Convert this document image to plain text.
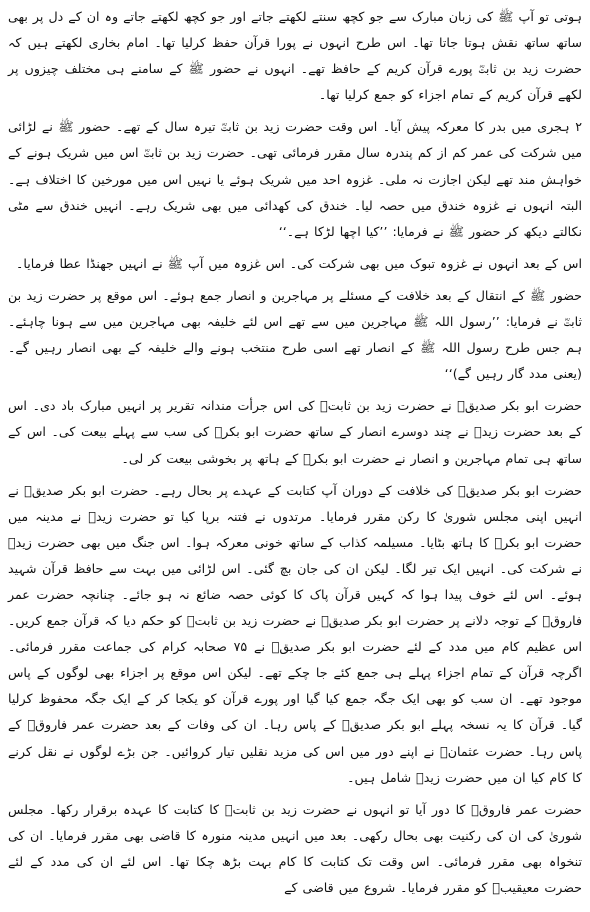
ہوتی تو آپ ﷺ کی زبان مبارک سے جو کچھ سنتے لکھتے جاتے اور جو کچھ لکھتے جاتے وہ ان کے دل پر بھی ساتھ ساتھ نقش ہوتا جاتا تھا۔ اس طرح انہوں نے پورا قرآن حفظ کرلیا تھا۔ امام بخاری لکھتے ہیں کہ حضرت زید بن ثابتؓ پورے قرآن کریم کے حافظ تھے۔ انہوں نے حضور ﷺ کے سامنے ہی مختلف چیزوں پر لکھے قرآن کریم کے تمام اجزاء کو جمع کرلیا تھا۔

۲ ہجری میں بدر کا معرکہ پیش آیا۔ اس وقت حضرت زید بن ثابتؓ تیرہ سال کے تھے۔ حضور ﷺ نے لڑائی میں شرکت کی عمر کم از کم پندرہ سال مقرر فرمائی تھی۔ حضرت زید بن ثابتؓ اس میں شریک ہونے کے خواہش مند تھے لیکن اجازت نہ ملی۔ غزوہ احد میں شریک ہوئے یا نہیں اس میں مورخین کا اختلاف ہے۔ البتہ انہوں نے غزوہ خندق میں حصہ لیا۔ خندق کی کھدائی میں بھی شریک رہے۔ انہیں خندق سے مٹی نکالتے دیکھ کر حضور ﷺ نے فرمایا: ’’کیا اچھا لڑکا ہے۔‘‘

اس کے بعد انہوں نے غزوہ تبوک میں بھی شرکت کی۔ اس غزوہ میں آپ ﷺ نے انہیں جھنڈا عطا فرمایا۔

حضور ﷺ کے انتقال کے بعد خلافت کے مسئلے پر مہاجرین و انصار جمع ہوئے۔ اس موقع پر حضرت زید بن ثابتؓ نے فرمایا: ’’رسول اللہ ﷺ مہاجرین میں سے تھے اس لئے خلیفہ بھی مہاجرین میں سے ہونا چاہئے۔ ہم جس طرح رسول اللہ ﷺ کے انصار تھے اسی طرح منتخب ہونے والے خلیفہ کے بھی انصار رہیں گے۔ (یعنی مدد گار رہیں گے)‘‘

حضرت ابو بکر صدیقؓ نے حضرت زید بن ثابتؓ کی اس جرأت مندانہ تقریر پر انہیں مبارک باد دی۔ اس کے بعد حضرت زیدؓ نے چند دوسرے انصار کے ساتھ حضرت ابو بکرؓ کی سب سے پہلے بیعت کی۔ اس کے ساتھ ہی تمام مہاجرین و انصار نے حضرت ابو بکرؓ کے ہاتھ پر بخوشی بیعت کر لی۔

حضرت ابو بکر صدیقؓ کی خلافت کے دوران آپ کتابت کے عہدے پر بحال رہے۔ حضرت ابو بکر صدیقؓ نے انہیں اپنی مجلس شوریٰ کا رکن مقرر فرمایا۔ مرتدوں نے فتنہ برپا کیا تو حضرت زیدؓ نے مدینہ میں حضرت ابو بکرؓ کا ہاتھ بٹایا۔ مسیلمہ کذاب کے ساتھ خونی معرکہ ہوا۔ اس جنگ میں بھی حضرت زیدؓ نے شرکت کی۔ انہیں ایک تیر لگا۔ لیکن ان کی جان بچ گئی۔ اس لڑائی میں بہت سے حافظ قرآن شہید ہوئے۔ اس لئے خوف پیدا ہوا کہ کہیں قرآن پاک کا کوئی حصہ ضائع نہ ہو جائے۔ چنانچہ حضرت عمر فاروقؓ کے توجہ دلانے پر حضرت ابو بکر صدیقؓ نے حضرت زید بن ثابتؓ کو حکم دیا کہ قرآن جمع کریں۔ اس عظیم کام میں مدد کے لئے حضرت ابو بکر صدیقؓ نے ۷۵ صحابہ کرام کی جماعت مقرر فرمائی۔ اگرچہ قرآن کے تمام اجزاء پہلے ہی جمع کئے جا چکے تھے۔ لیکن اس موقع پر اجزاء بھی لوگوں کے پاس موجود تھے۔ ان سب کو بھی ایک جگہ جمع کیا گیا اور پورے قرآن کو یکجا کر کے ایک جگہ محفوظ کرلیا گیا۔ قرآن کا یہ نسخہ پہلے ابو بکر صدیقؓ کے پاس رہا۔ ان کی وفات کے بعد حضرت عمر فاروقؓ کے پاس رہا۔ حضرت عثمانؓ نے اپنے دور میں اس کی مزید نقلیں تیار کروائیں۔ جن بڑے لوگوں نے نقل کرنے کا کام کیا ان میں حضرت زیدؓ شامل ہیں۔

حضرت عمر فاروقؓ کا دور آیا تو انہوں نے حضرت زید بن ثابتؓ کا کتابت کا عہدہ برقرار رکھا۔ مجلس شوریٰ کی ان کی رکنیت بھی بحال رکھی۔ بعد میں انہیں مدینہ منورہ کا قاضی بھی مقرر فرمایا۔ ان کی تنخواہ بھی مقرر فرمائی۔ اس وقت تک کتابت کا کام بہت بڑھ چکا تھا۔ اس لئے ان کی مدد کے لئے حضرت معیقیبؓ کو مقرر فرمایا۔ شروع میں قاضی کے
